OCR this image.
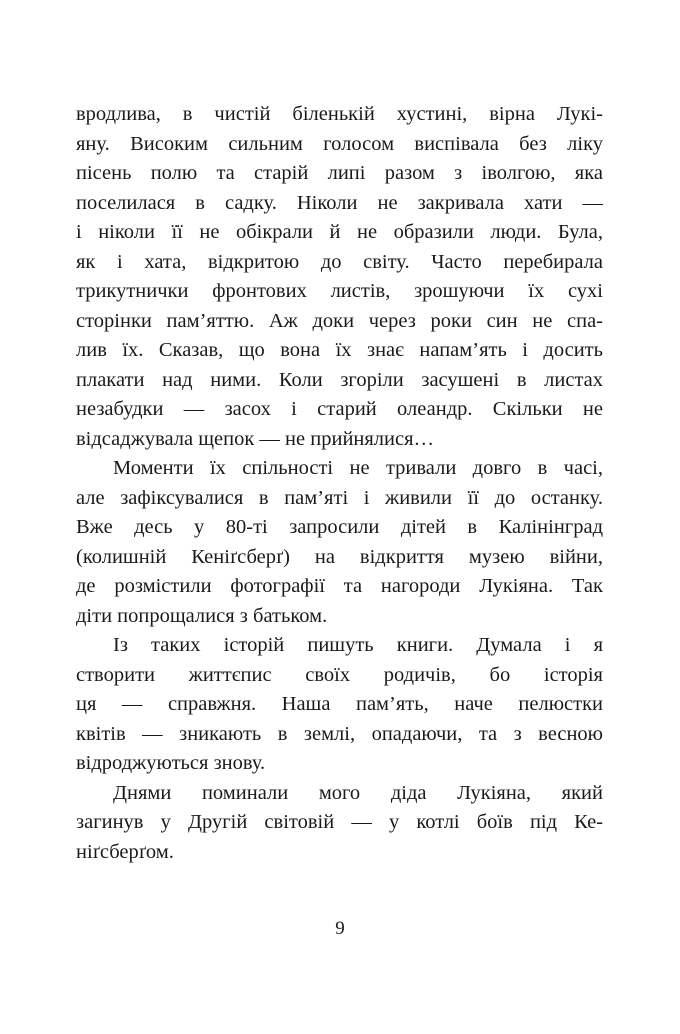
вродлива, в чистій біленькій хустині, вірна Лукі-
яну. Високим сильним голосом виспівала без ліку
пісень полю та старій липі разом з іволгою, яка
поселилася в садку. Ніколи не закривала хати —
і ніколи її не обікрали й не образили люди. Була,
як і хата, відкритою до світу. Часто перебирала
трикутнички фронтових листів, зрошуючи їх сухі
сторінки пам’яттю. Аж доки через роки син не спа-
лив їх. Сказав, що вона їх знає напам’ять і досить
плакати над ними. Коли згоріли засушені в листах
незабудки — засох і старий олеандр. Скільки не
відсаджувала щепок — не прийнялися…
Моменти їх спільності не тривали довго в часі,
але зафіксувалися в пам’яті і живили її до останку.
Вже десь у 80-ті запросили дітей в Калінінград
(колишній Кеніґсберґ) на відкриття музею війни,
де розмістили фотографії та нагороди Лукіяна. Так
діти попрощалися з батьком.
Із таких історій пишуть книги. Думала і я
створити життєпис своїх родичів, бо історія
ця — справжня. Наша пам’ять, наче пелюстки
квітів — зникають в землі, опадаючи, та з весною
відроджуються знову.
Днями поминали мого діда Лукіяна, який
загинув у Другій світовій — у котлі боїв під Ке-
ніґсберґом.
9
